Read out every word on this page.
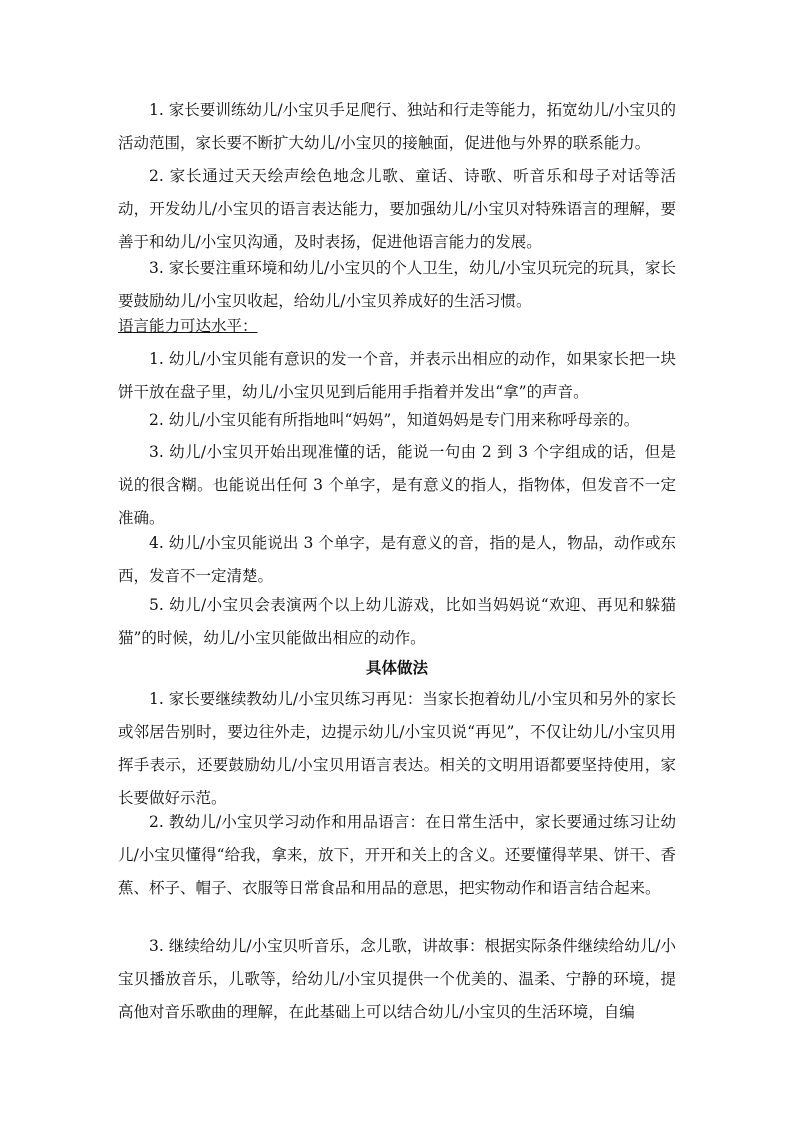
1. 家长要训练幼儿/小宝贝手足爬行、独站和行走等能力，拓宽幼儿/小宝贝的活动范围，家长要不断扩大幼儿/小宝贝的接触面，促进他与外界的联系能力。

2. 家长通过天天绘声绘色地念儿歌、童话、诗歌、听音乐和母子对话等活动，开发幼儿/小宝贝的语言表达能力，要加强幼儿/小宝贝对特殊语言的理解，要善于和幼儿/小宝贝沟通，及时表扬，促进他语言能力的发展。

3. 家长要注重环境和幼儿/小宝贝的个人卫生，幼儿/小宝贝玩完的玩具，家长要鼓励幼儿/小宝贝收起，给幼儿/小宝贝养成好的生活习惯。

语言能力可达水平：

1. 幼儿/小宝贝能有意识的发一个音，并表示出相应的动作，如果家长把一块饼干放在盘子里，幼儿/小宝贝见到后能用手指着并发出“拿”的声音。

2. 幼儿/小宝贝能有所指地叫“妈妈”，知道妈妈是专门用来称呼母亲的。

3. 幼儿/小宝贝开始出现准懂的话，能说一句由 2 到 3 个字组成的话，但是说的很含糊。也能说出任何 3 个单字，是有意义的指人，指物体，但发音不一定准确。

4. 幼儿/小宝贝能说出 3 个单字，是有意义的音，指的是人，物品，动作或东西，发音不一定清楚。

5. 幼儿/小宝贝会表演两个以上幼儿游戏，比如当妈妈说“欢迎、再见和躲猫猫”的时候，幼儿/小宝贝能做出相应的动作。

具体做法

1. 家长要继续教幼儿/小宝贝练习再见：当家长抱着幼儿/小宝贝和另外的家长或邻居告别时，要边往外走，边提示幼儿/小宝贝说“再见”，不仅让幼儿/小宝贝用挥手表示，还要鼓励幼儿/小宝贝用语言表达。相关的文明用语都要坚持使用，家长要做好示范。

2. 教幼儿/小宝贝学习动作和用品语言：在日常生活中，家长要通过练习让幼儿/小宝贝懂得“给我，拿来，放下，开开和关上的含义。还要懂得苹果、饼干、香蕉、杯子、帽子、衣服等日常食品和用品的意思，把实物动作和语言结合起来。

3. 继续给幼儿/小宝贝听音乐，念儿歌，讲故事：根据实际条件继续给幼儿/小宝贝播放音乐，儿歌等，给幼儿/小宝贝提供一个优美的、温柔、宁静的环境，提高他对音乐歌曲的理解，在此基础上可以结合幼儿/小宝贝的生活环境，自编
